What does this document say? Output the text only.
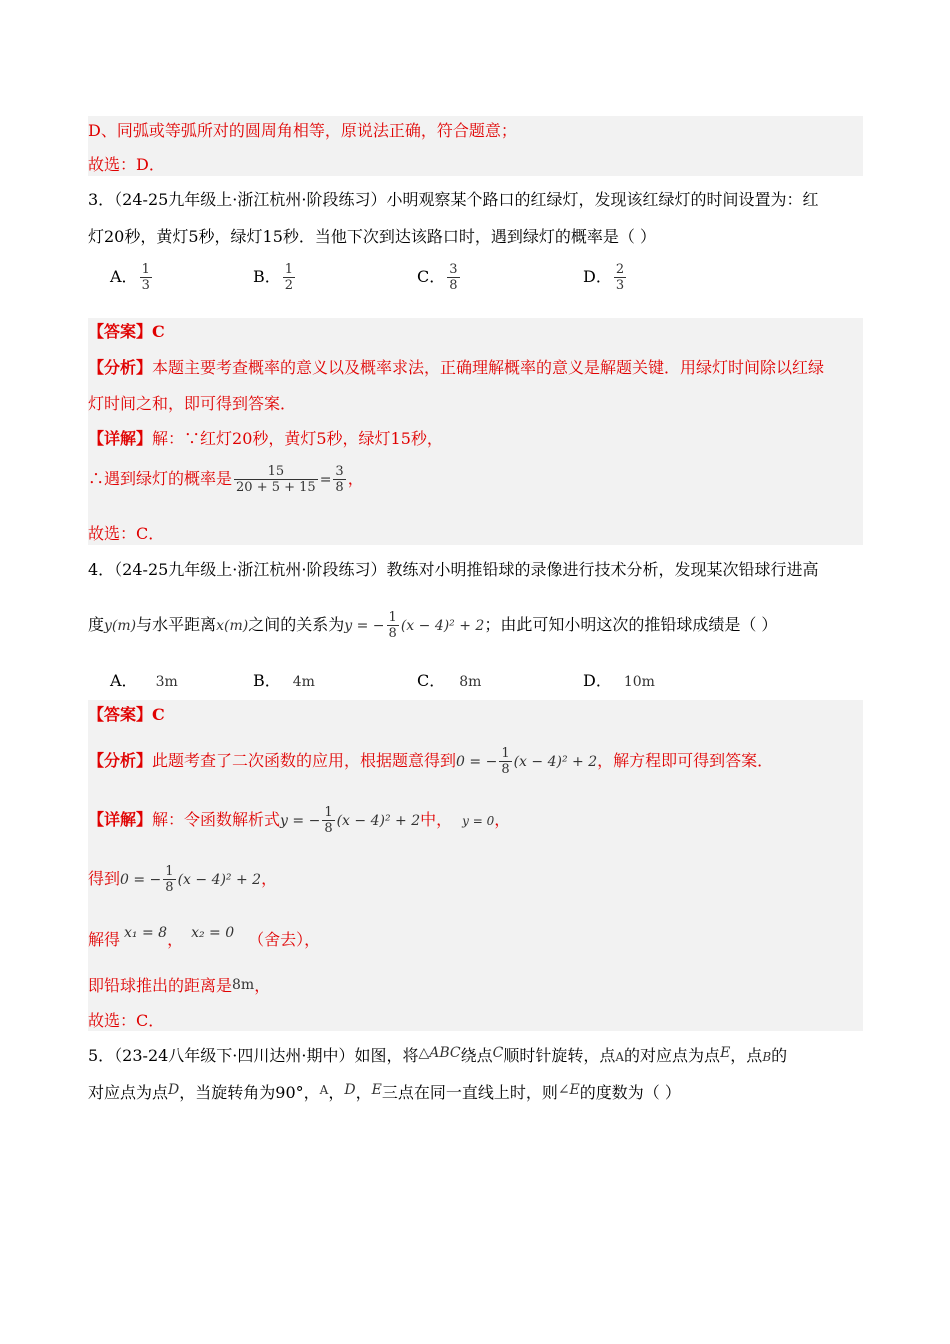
D、同弧或等弧所对的圆周角相等，原说法正确，符合题意；
故选：D．
3．（24-25九年级上·浙江杭州·阶段练习）小明观察某个路口的红绿灯，发现该红绿灯的时间设置为：红
灯20秒，黄灯5秒，绿灯15秒．当他下次到达该路口时，遇到绿灯的概率是（ ）
A． $\frac{1}{3}$	B． $\frac{1}{2}$	C． $\frac{3}{8}$	D． $\frac{2}{3}$
【答案】C
【分析】本题主要考查概率的意义以及概率求法，正确理解概率的意义是解题关键．用绿灯时间除以红绿
灯时间之和，即可得到答案．
【详解】解：∵红灯20秒，黄灯5秒，绿灯15秒，
∴遇到绿灯的概率是 $\frac{15}{20 + 5 + 15} = \frac{3}{8}$ ，
故选：C．
4．（24-25九年级上·浙江杭州·阶段练习）教练对小明推铅球的录像进行技术分析，发现某次铅球行进高
度y(m)与水平距离x(m)之间的关系为y = − $\frac{1}{8} (x - 4)^2 + 2$；由此可知小明这次的推铅球成绩是（ ）
A． 3m	B． 4m	C． 8m	D． 10m
【答案】C
【分析】此题考查了二次函数的应用，根据题意得到0 = − $\frac{1}{8} (x - 4)^2 + 2$，解方程即可得到答案．
【详解】解：令函数解析式y = − $\frac{1}{8} (x - 4)^2 + 2$中， y = 0，
得到0 = − $\frac{1}{8} (x - 4)^2 + 2$，
解得 x₁ = 8， x₂ = 0 （舍去），
即铅球推出的距离是8m，
故选：C．
5．（23-24八年级下·四川达州·期中）如图，将△ABC绕点C顺时针旋转，点A的对应点为点E，点B的
对应点为点D，当旋转角为90°，$^A$，D，E三点在同一直线上时，则∠E的度数为（ ）
